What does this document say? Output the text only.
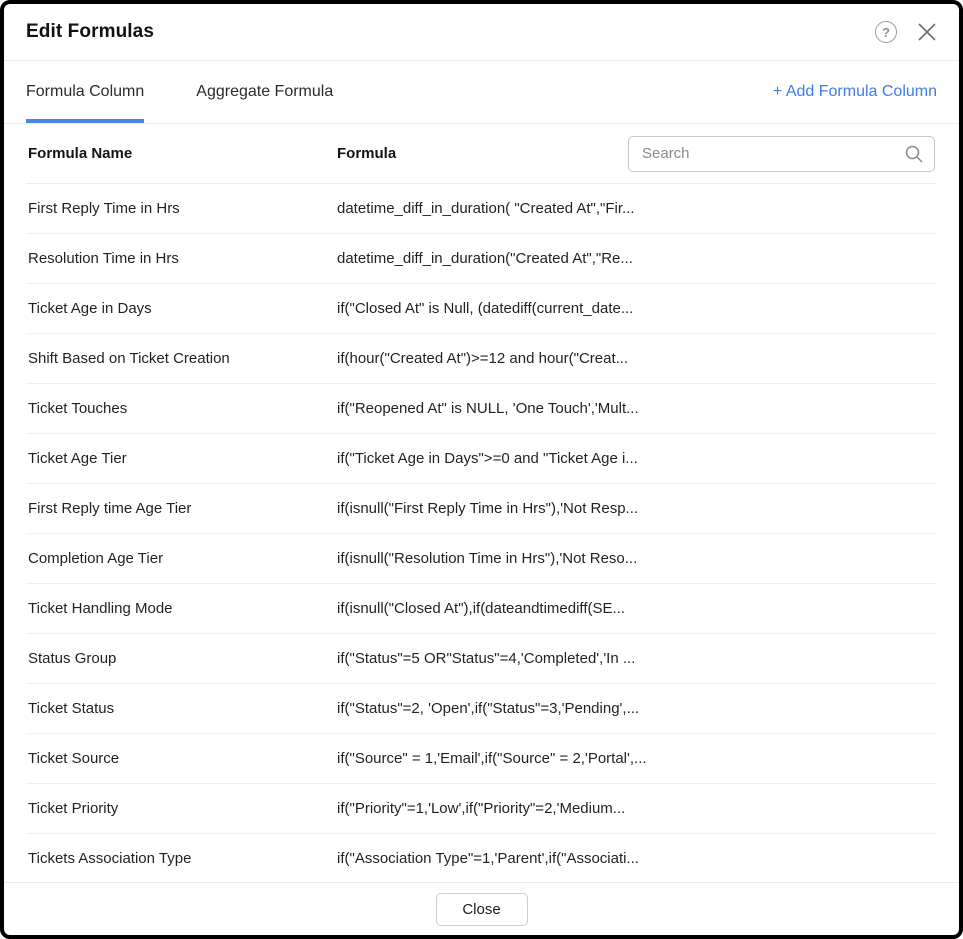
Edit Formulas	?
Formula Column	Aggregate Formula	+ Add Formula Column
Formula Name	Formula
Search
First Reply Time in Hrs	datetime_diff_in_duration( "Created At","Fir...
Resolution Time in Hrs	datetime_diff_in_duration("Created At","Re...
Ticket Age in Days	if("Closed At" is Null, (datediff(current_date...
Shift Based on Ticket Creation	if(hour("Created At")>=12 and hour("Creat...
Ticket Touches	if("Reopened At" is NULL, 'One Touch','Mult...
Ticket Age Tier	if("Ticket Age in Days">=0 and "Ticket Age i...
First Reply time Age Tier	if(isnull("First Reply Time in Hrs"),'Not Resp...
Completion Age Tier	if(isnull("Resolution Time in Hrs"),'Not Reso...
Ticket Handling Mode	if(isnull("Closed At"),if(dateandtimediff(SE...
Status Group	if("Status"=5 OR"Status"=4,'Completed','In ...
Ticket Status	if("Status"=2, 'Open',if("Status"=3,'Pending',...
Ticket Source	if("Source" = 1,'Email',if("Source" = 2,'Portal',...
Ticket Priority	if("Priority"=1,'Low',if("Priority"=2,'Medium...
Tickets Association Type	if("Association Type"=1,'Parent',if("Associati...
Close
